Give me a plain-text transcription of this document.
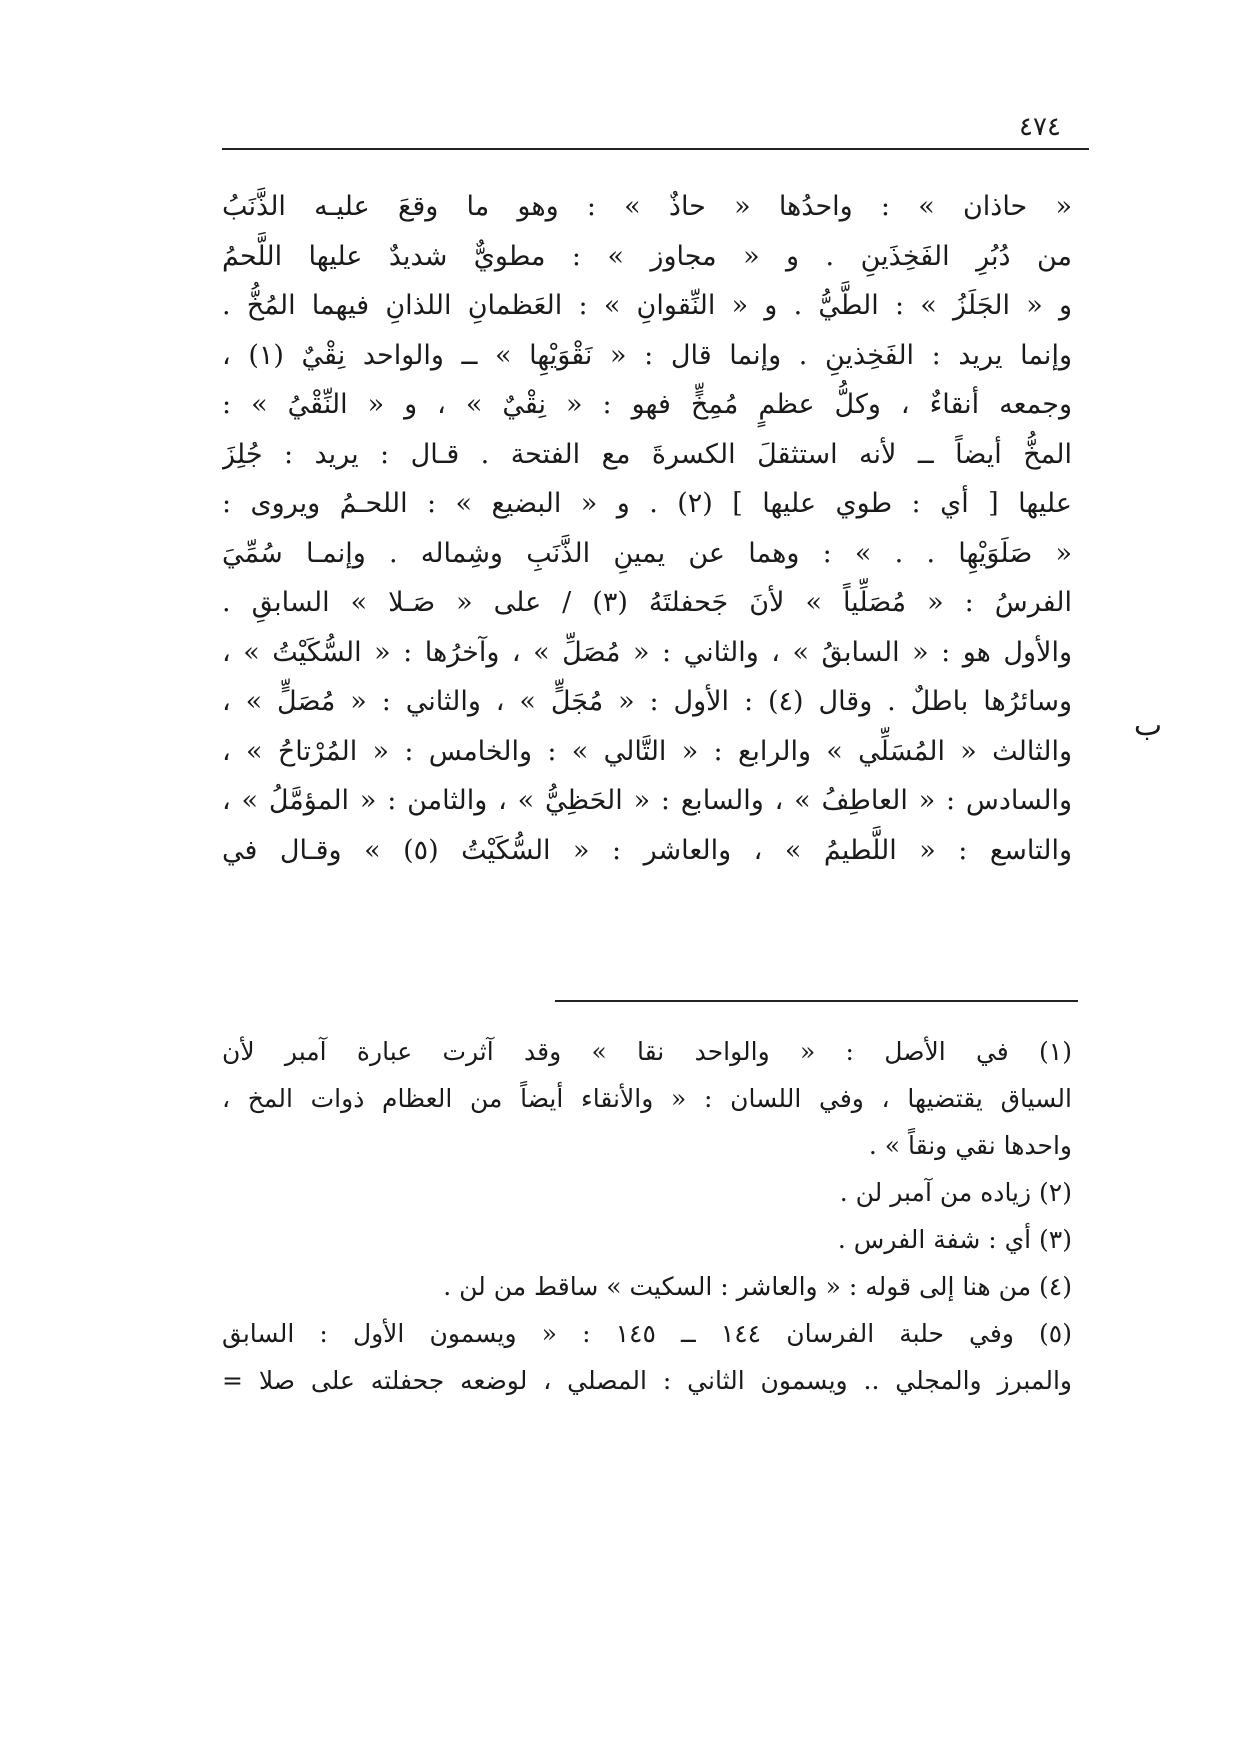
٤٧٤
« حاذان » : واحدُها « حاذٌ » : وهو ما وقعَ عليـه الذَّنَبُ
من دُبُرِ الفَخِذَينِ . و « مجاوز » : مطويٌّ شديدٌ عليها اللَّحمُ
و « الجَلَزُ » : الطَّيُّ . و « النِّقوانِ » : العَظمانِ اللذانِ فيهما المُخُّ .
وإنما يريد : الفَخِذينِ . وإنما قال : « نَقْوَيْهِا » ــ والواحد نِقْيٌ (١) ،
وجمعه أنقاءٌ ، وكلُّ عظمٍ مُمِخٍّ فهو : « نِقْيٌ » ، و « النِّقْيُ » :
المخُّ أيضاً ــ لأنه استثقلَ الكسرةَ مع الفتحة . قـال : يريد : جُلِزَ
عليها [ أي : طوي عليها ] (٢) . و « البضيع » : اللحـمُ ويروى :
« صَلَوَيْهِا . . » : وهما عن يمينِ الذَّنَبِ وشِماله . وإنمـا سُمِّيَ
الفرسُ : « مُصَلِّياً » لأنَ جَحفلتَهُ (٣) / على « صَـلا » السابقِ .
والأول هو : « السابقُ » ، والثاني : « مُصَلِّ » ، وآخرُها : « السُّكَيْتُ » ،
وسائرُها باطلٌ . وقال (٤) : الأول : « مُجَلٍّ » ، والثاني : « مُصَلٍّ » ،
والثالث « المُسَلِّي » والرابع : « التَّالي » : والخامس : « المُرْتاحُ » ،
والسادس : « العاطِفُ » ، والسابع : « الحَظِيُّ » ، والثامن : « المؤمَّلُ » ،
والتاسع : « اللَّطيمُ » ، والعاشر : « السُّكَيْتُ (٥) » وقـال في
ب
(١) في الأصل : « والواحد نقا » وقد آثرت عبارة آمبر لأن
السياق يقتضيها ، وفي اللسان : « والأنقاء أيضاً من العظام ذوات المخ ،
واحدها نقي ونقاً » .
(٢) زياده من آمبر لن .
(٣) أي : شفة الفرس .
(٤) من هنا إلى قوله : « والعاشر : السكيت » ساقط من لن .
(٥) وفي حلبة الفرسان ١٤٤ ــ ١٤٥ : « ويسمون الأول : السابق
والمبرز والمجلي .. ويسمون الثاني : المصلي ، لوضعه جحفلته على صلا =
